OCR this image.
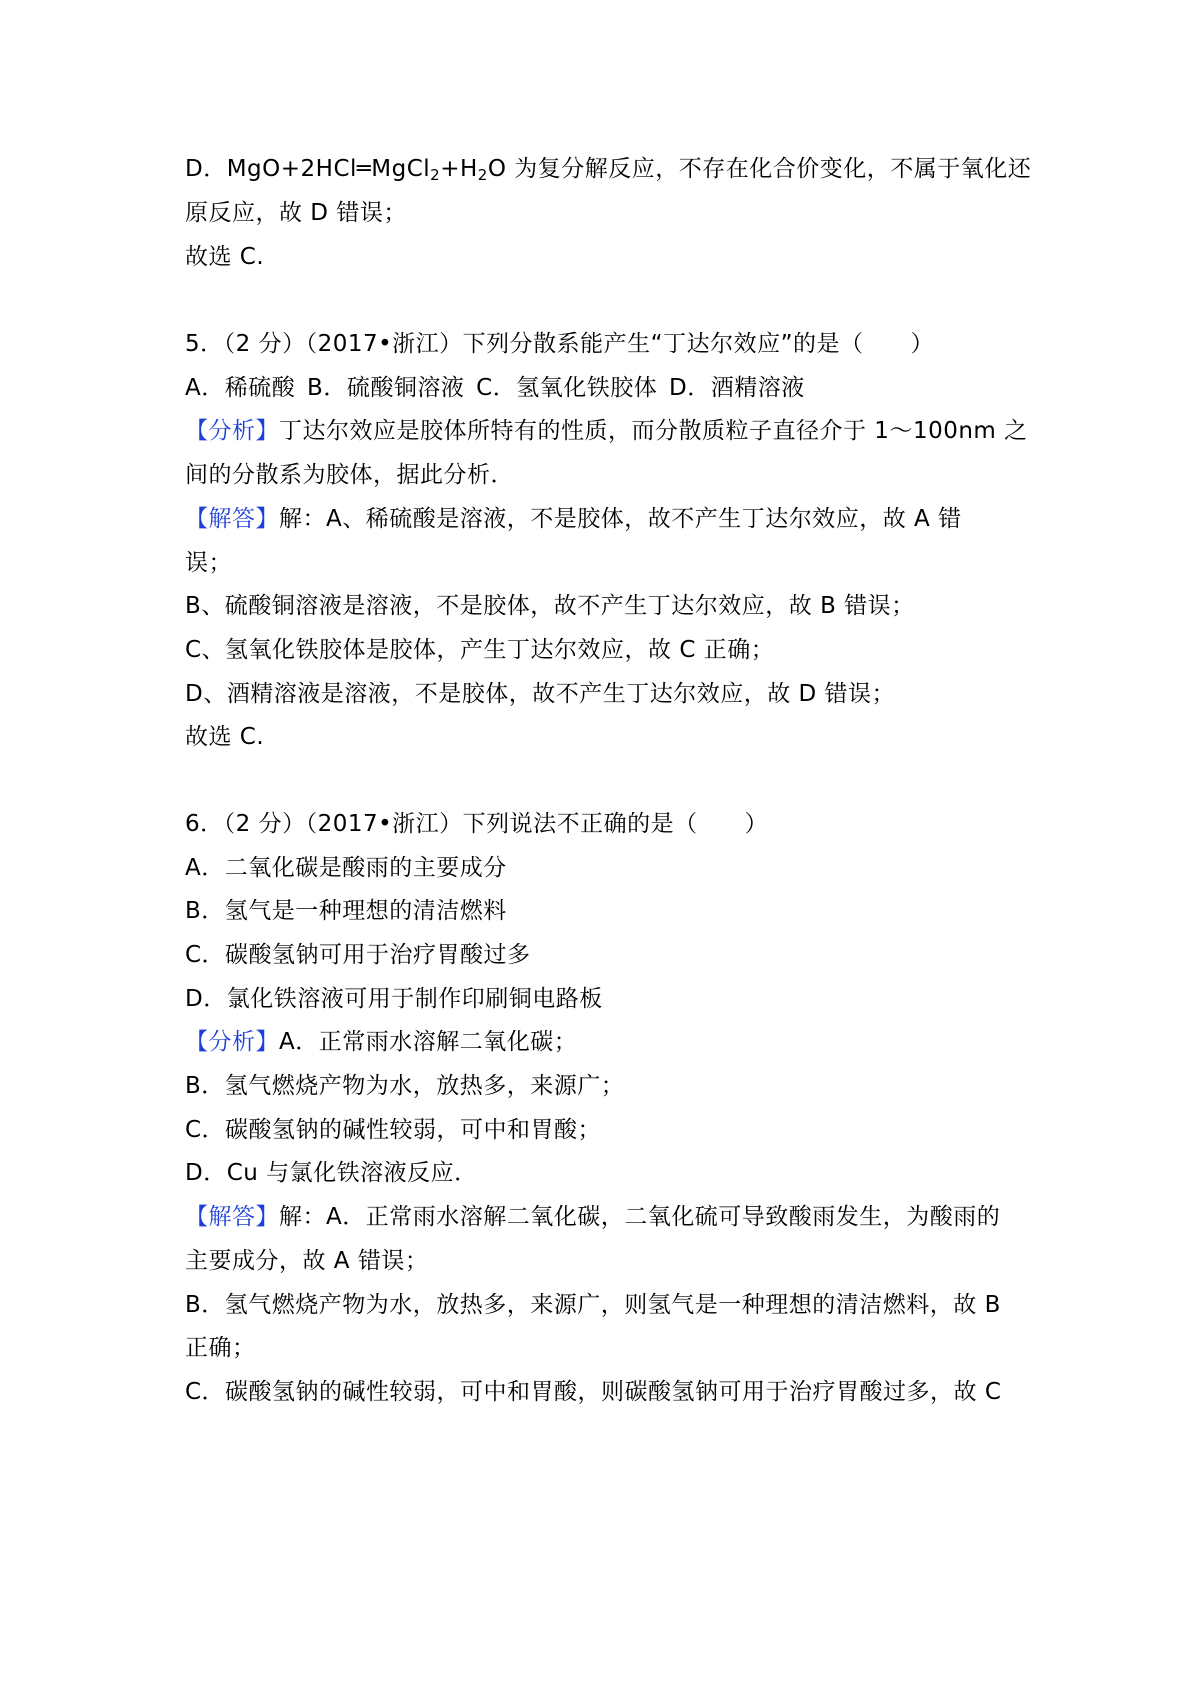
D．$MgO+2HCl═MgCl_2+H_2O$ 为复分解反应，不存在化合价变化，不属于氧化还
原反应，故 D 错误；
故选 C.
5．（2 分）（2017•浙江）下列分散系能产生“丁达尔效应”的是（　　）
A．稀硫酸 B．硫酸铜溶液 C．氢氧化铁胶体 D．酒精溶液
【分析】丁达尔效应是胶体所特有的性质，而分散质粒子直径介于 1～100nm 之
间的分散系为胶体，据此分析．
【解答】解：A、稀硫酸是溶液，不是胶体，故不产生丁达尔效应，故 A 错
误；
B、硫酸铜溶液是溶液，不是胶体，故不产生丁达尔效应，故 B 错误；
C、氢氧化铁胶体是胶体，产生丁达尔效应，故 C 正确；
D、酒精溶液是溶液，不是胶体，故不产生丁达尔效应，故 D 错误；
故选 C.
6．（2 分）（2017•浙江）下列说法不正确的是（　　）
A．二氧化碳是酸雨的主要成分
B．氢气是一种理想的清洁燃料
C．碳酸氢钠可用于治疗胃酸过多
D．氯化铁溶液可用于制作印刷铜电路板
【分析】A．正常雨水溶解二氧化碳；
B．氢气燃烧产物为水，放热多，来源广；
C．碳酸氢钠的碱性较弱，可中和胃酸；
D．Cu 与氯化铁溶液反应．
【解答】解：A．正常雨水溶解二氧化碳，二氧化硫可导致酸雨发生，为酸雨的
主要成分，故 A 错误；
B．氢气燃烧产物为水，放热多，来源广，则氢气是一种理想的清洁燃料，故 B
正确；
C．碳酸氢钠的碱性较弱，可中和胃酸，则碳酸氢钠可用于治疗胃酸过多，故 C
